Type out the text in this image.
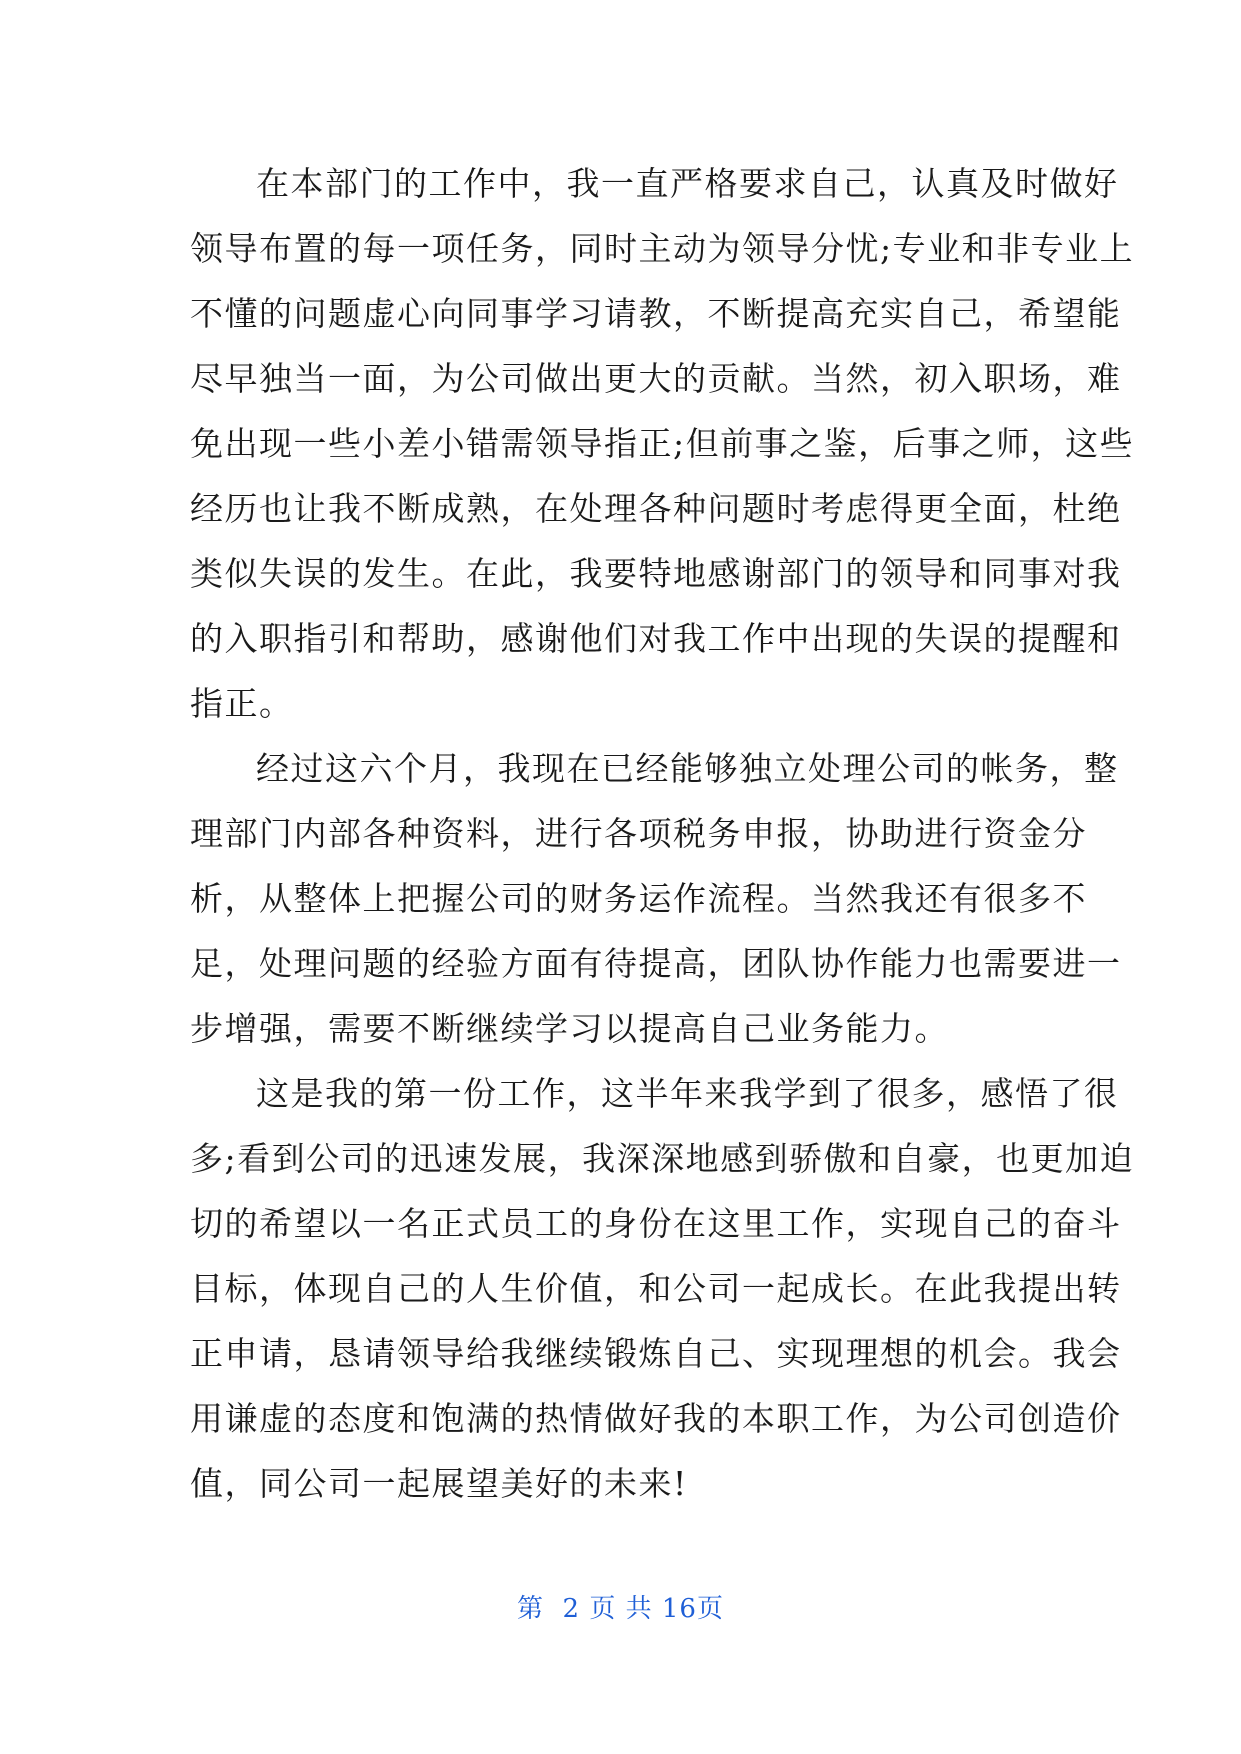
在本部门的工作中，我一直严格要求自己，认真及时做好
领导布置的每一项任务，同时主动为领导分忧;专业和非专业上
不懂的问题虚心向同事学习请教，不断提高充实自己，希望能
尽早独当一面，为公司做出更大的贡献。当然，初入职场，难
免出现一些小差小错需领导指正;但前事之鉴，后事之师，这些
经历也让我不断成熟，在处理各种问题时考虑得更全面，杜绝
类似失误的发生。在此，我要特地感谢部门的领导和同事对我
的入职指引和帮助，感谢他们对我工作中出现的失误的提醒和
指正。
经过这六个月，我现在已经能够独立处理公司的帐务，整
理部门内部各种资料，进行各项税务申报，协助进行资金分
析，从整体上把握公司的财务运作流程。当然我还有很多不
足，处理问题的经验方面有待提高，团队协作能力也需要进一
步增强，需要不断继续学习以提高自己业务能力。
这是我的第一份工作，这半年来我学到了很多，感悟了很
多;看到公司的迅速发展，我深深地感到骄傲和自豪，也更加迫
切的希望以一名正式员工的身份在这里工作，实现自己的奋斗
目标，体现自己的人生价值，和公司一起成长。在此我提出转
正申请，恳请领导给我继续锻炼自己、实现理想的机会。我会
用谦虚的态度和饱满的热情做好我的本职工作，为公司创造价
值，同公司一起展望美好的未来!
第  2 页 共 16页
